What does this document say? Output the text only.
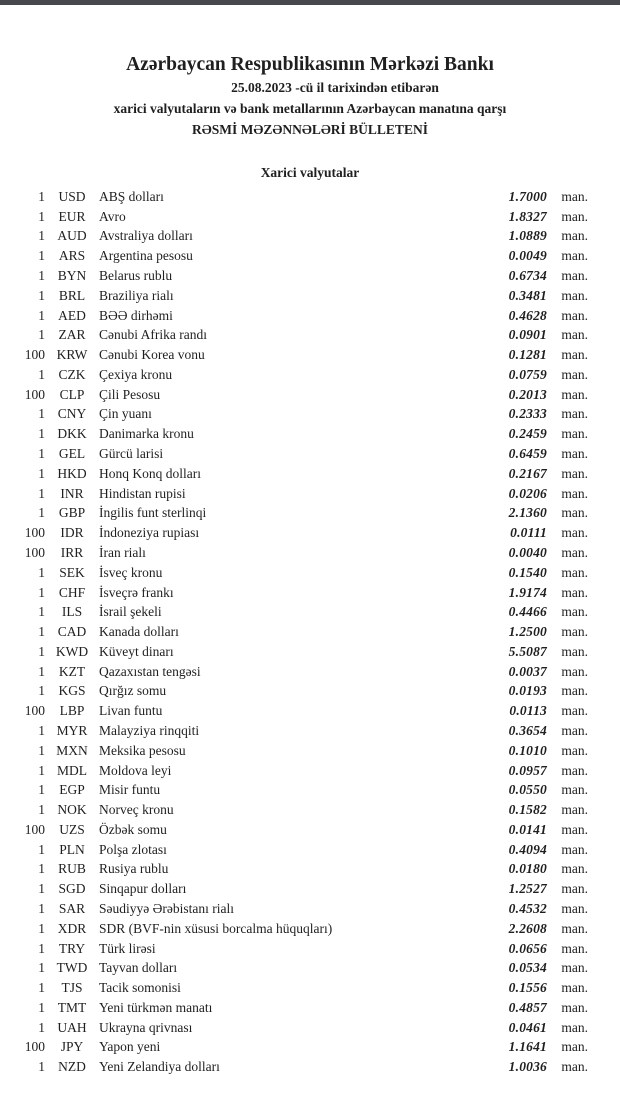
Azərbaycan Respublikasının Mərkəzi Bankı
25.08.2023 -cü il tarixindən etibarən
xarici valyutaların və bank metallarının Azərbaycan manatına qarşı
RƏSMİ MƏZƏNNƏLƏRİ BÜLLETENİ
Xarici valyutalar
1 USD	ABŞ dolları	1.7000	man.
1	EUR	Avro	1.8327	man.
1 AUD Avstraliya dolları	1.0889	man.
1	ARS	Argentina pesosu	0.0049	man.
1 BYN Belarus rublu	0.6734	man.
1	BRL	Braziliya rialı	0.3481	man.
1 AED BƏƏ dirhəmi	0.4628	man.
1	ZAR	Cənubi Afrika randı	0.0901	man.
100 KRW Cənubi Korea vonu	0.1281	man.
1	CZK	Çexiya kronu	0.0759	man.
100	CLP	Çili Pesosu	0.2013	man.
1 CNY Çin yuanı	0.2333	man.
1 DKK Danimarka kronu	0.2459	man.
1	GEL	Gürcü larisi	0.6459	man.
1 HKD Honq Konq dolları	0.2167	man.
1	INR	Hindistan rupisi	0.0206	man.
1	GBP	İngilis funt sterlinqi	2.1360	man.
100	IDR	İndoneziya rupiası	0.0111	man.
100	IRR	İran rialı	0.0040	man.
1	SEK	İsveç kronu	0.1540	man.
1	CHF	İsveçrə frankı	1.9174	man.
1	ILS	İsrail şekeli	0.4466	man.
1 CAD Kanada dolları	1.2500	man.
1 KWD Küveyt dinarı	5.5087	man.
1	KZT	Qazaxıstan tengəsi	0.0037	man.
1 KGS	Qırğız somu	0.0193	man.
100	LBP	Livan funtu	0.0113	man.
1 MYR Malayziya rinqqiti	0.3654	man.
1 MXN Meksika pesosu	0.1010	man.
1 MDL Moldova leyi	0.0957	man.
1	EGP	Misir funtu	0.0550	man.
1 NOK Norveç kronu	0.1582	man.
100	UZS	Özbək somu	0.0141	man.
1	PLN	Polşa zlotası	0.4094	man.
1 RUB Rusiya rublu	0.0180	man.
1 SGD	Sinqapur dolları	1.2527	man.
1	SAR	Səudiyyə Ərəbistanı rialı	0.4532	man.
1 XDR SDR (BVF-nin xüsusi borcalma hüquqları)	2.2608	man.
1	TRY	Türk lirəsi	0.0656	man.
1 TWD Tayvan dolları	0.0534	man.
1	TJS	Tacik somonisi	0.1556	man.
1 TMT Yeni türkmən manatı	0.4857	man.
1 UAH Ukrayna qrivnası	0.0461	man.
100	JPY	Yapon yeni	1.1641	man.
1 NZD Yeni Zelandiya dolları	1.0036	man.
